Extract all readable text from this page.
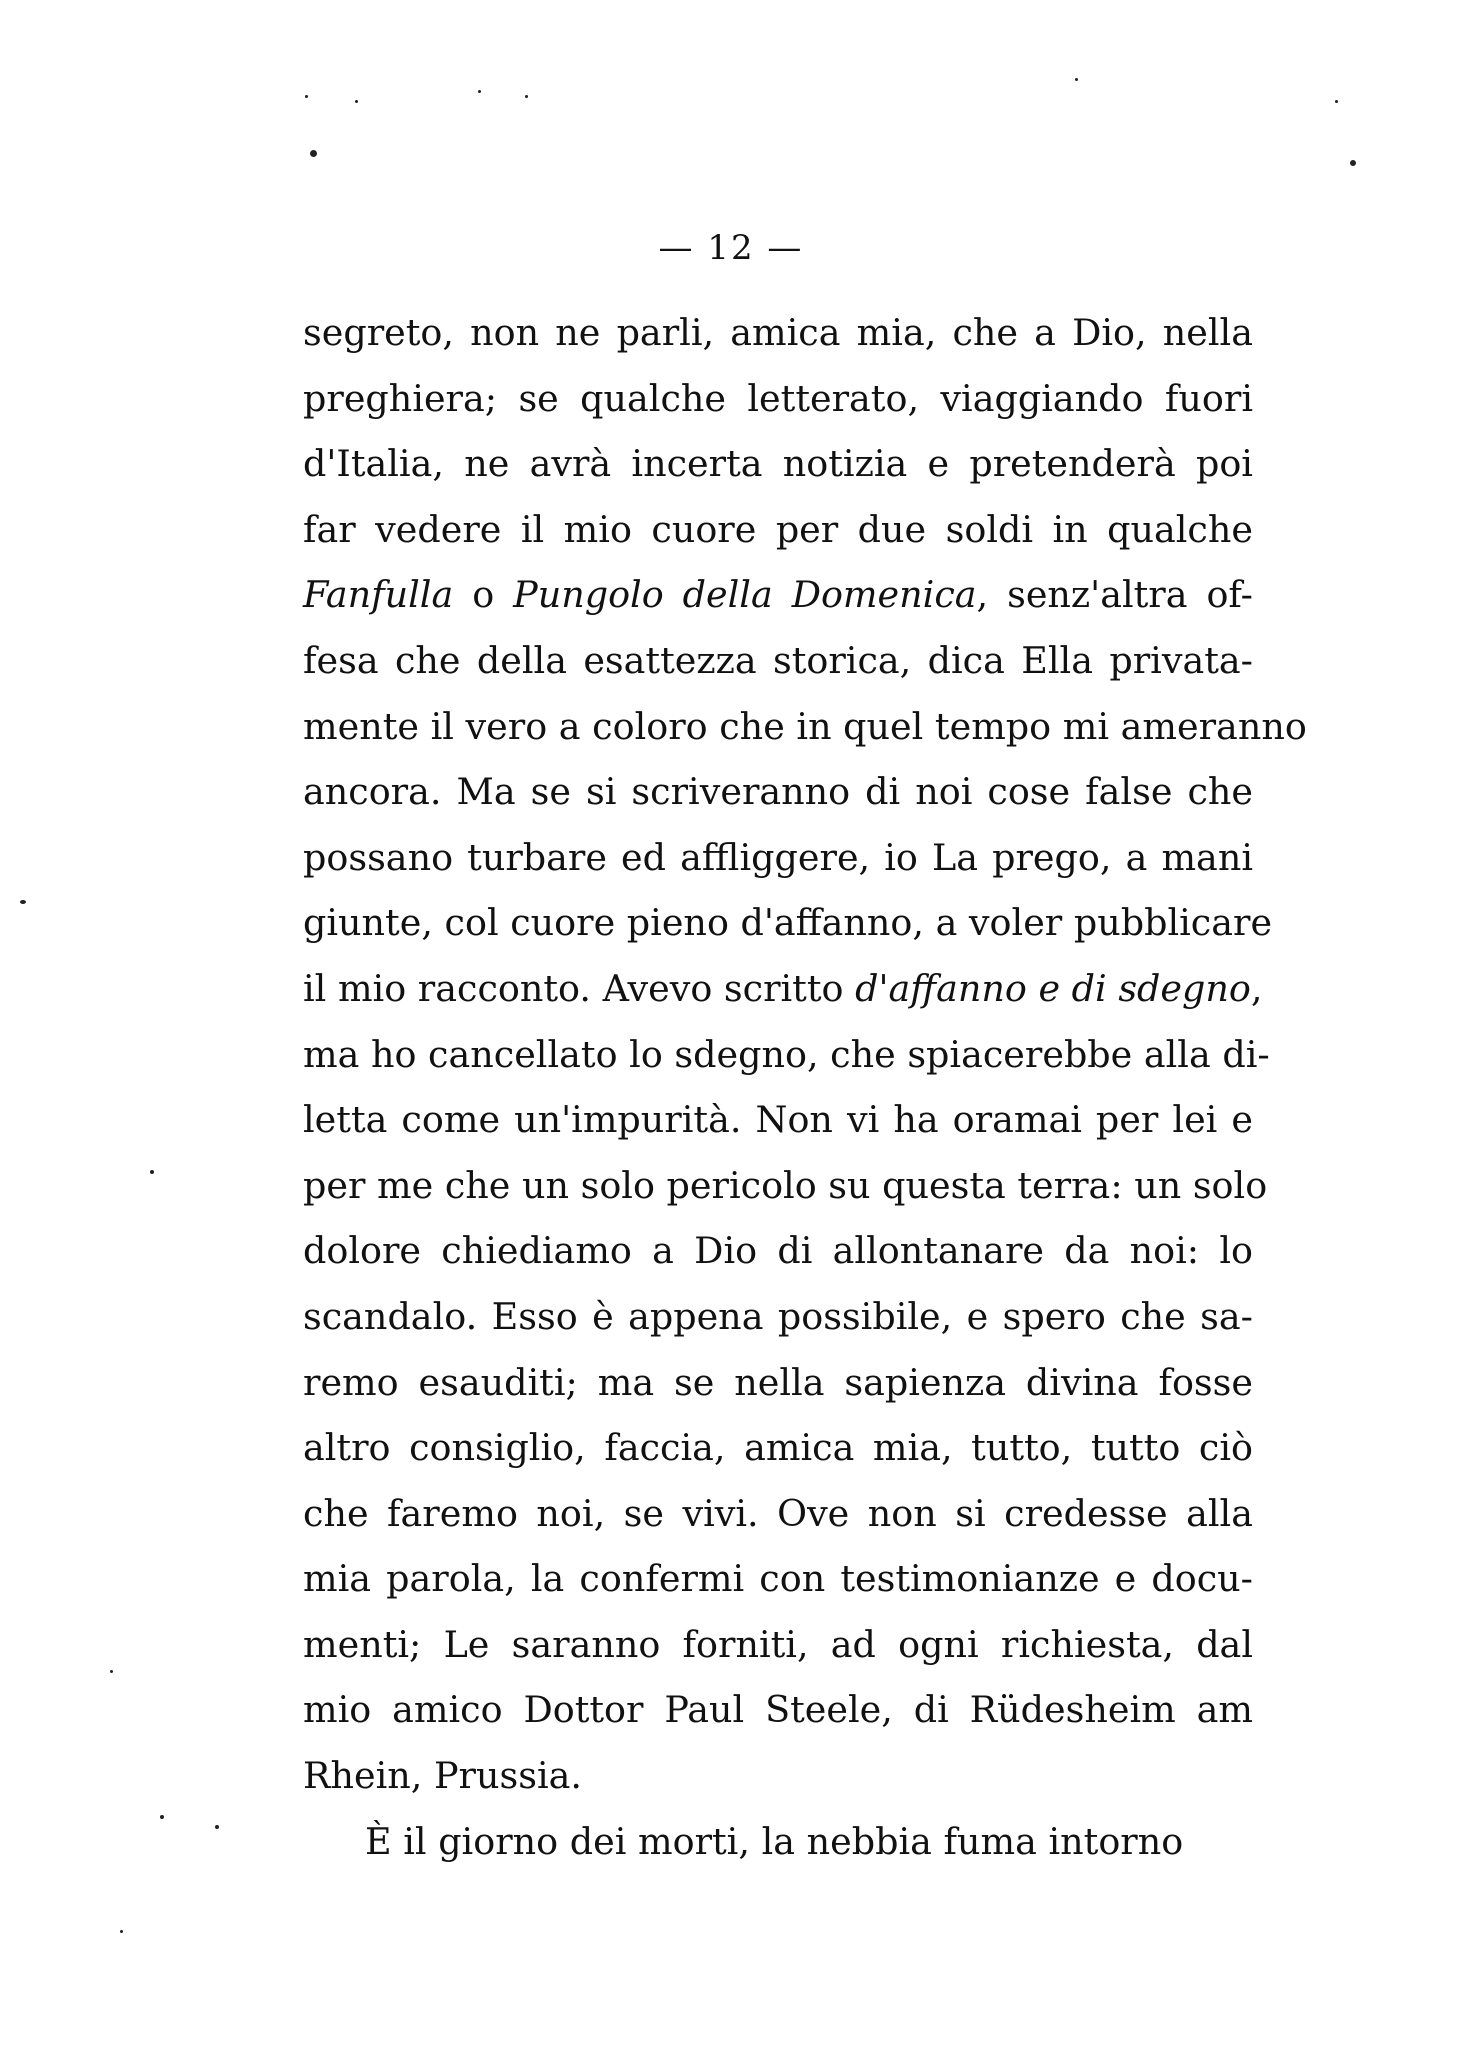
— 12 —
segreto, non ne parli, amica mia, che a Dio, nella
preghiera; se qualche letterato, viaggiando fuori
d'Italia, ne avrà incerta notizia e pretenderà poi
far vedere il mio cuore per due soldi in qualche
Fanfulla o Pungolo della Domenica, senz'altra of-
fesa che della esattezza storica, dica Ella privata-
mente il vero a coloro che in quel tempo mi ameranno
ancora. Ma se si scriveranno di noi cose false che
possano turbare ed affliggere, io La prego, a mani
giunte, col cuore pieno d'affanno, a voler pubblicare
il mio racconto. Avevo scritto d'affanno e di sdegno,
ma ho cancellato lo sdegno, che spiacerebbe alla di-
letta come un'impurità. Non vi ha oramai per lei e
per me che un solo pericolo su questa terra: un solo
dolore chiediamo a Dio di allontanare da noi: lo
scandalo. Esso è appena possibile, e spero che sa-
remo esauditi; ma se nella sapienza divina fosse
altro consiglio, faccia, amica mia, tutto, tutto ciò
che faremo noi, se vivi. Ove non si credesse alla
mia parola, la confermi con testimonianze e docu-
menti; Le saranno forniti, ad ogni richiesta, dal
mio amico Dottor Paul Steele, di Rüdesheim am
Rhein, Prussia.
È il giorno dei morti, la nebbia fuma intorno
